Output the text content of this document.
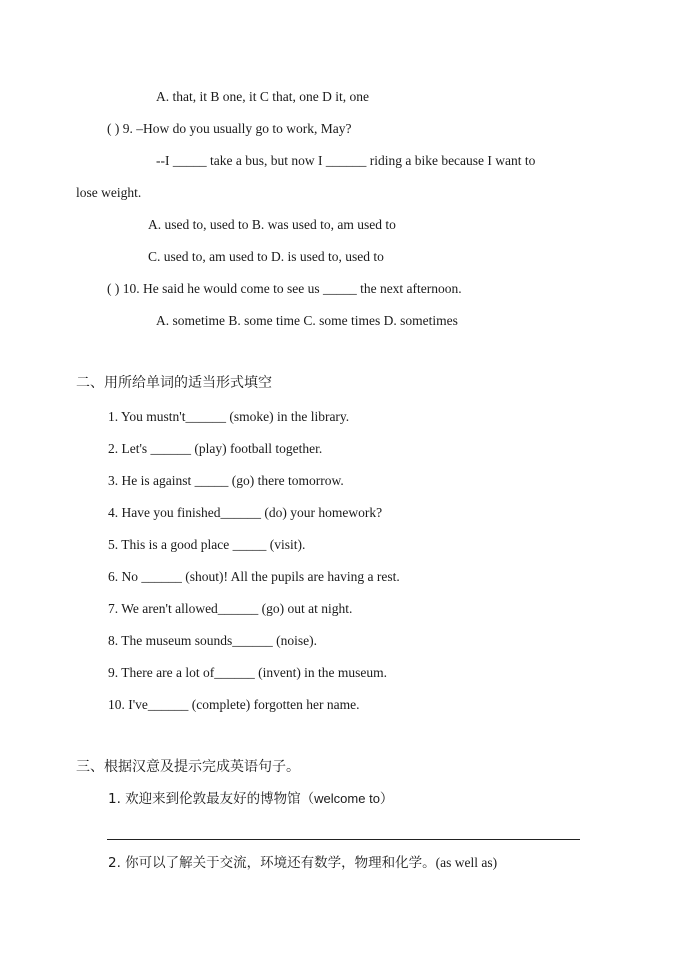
A. that, it B one, it C that, one D it, one
( ) 9. –How do you usually go to work, May?
--I _____ take a bus, but now I ______ riding a bike because I want to
lose weight.
A. used to, used to B. was used to, am used to
C. used to, am used to D. is used to, used to
( ) 10. He said he would come to see us _____ the next afternoon.
A. sometime B. some time C. some times D. sometimes
二、用所给单词的适当形式填空
1. You mustn't______ (smoke) in the library.
2. Let's ______ (play) football together.
3. He is against _____ (go) there tomorrow.
4. Have you finished______ (do) your homework?
5. This is a good place _____ (visit).
6. No ______ (shout)! All the pupils are having a rest.
7. We aren't allowed______ (go) out at night.
8. The museum sounds______ (noise).
9. There are a lot of______ (invent) in the museum.
10. I've______ (complete) forgotten her name.
三、根据汉意及提示完成英语句子。
1. 欢迎来到伦敦最友好的博物馆（welcome to）
2. 你可以了解关于交流，环境还有数学，物理和化学。(as well as)
